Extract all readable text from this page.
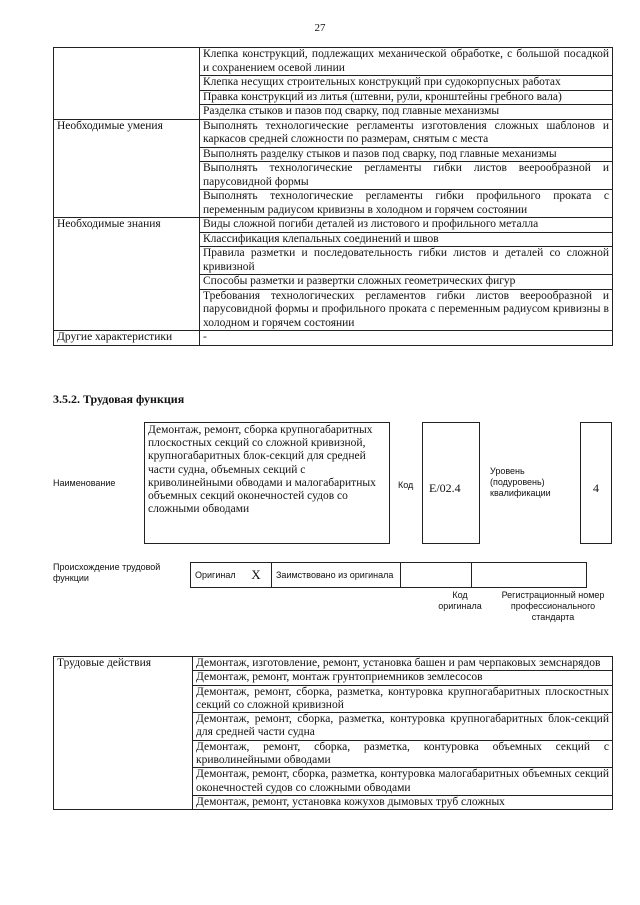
27
	Клепка конструкций, подлежащих механической обработке, с большой посадкой и сохранением осевой линии
	Клепка несущих строительных конструкций при судокорпусных работах
	Правка конструкций из литья (штевни, рули, кронштейны гребного вала)
	Разделка стыков и пазов под сварку, под главные механизмы
Необходимые умения	Выполнять технологические регламенты изготовления сложных шаблонов и каркасов средней сложности по размерам, снятым с места
	Выполнять разделку стыков и пазов под сварку, под главные механизмы
	Выполнять технологические регламенты гибки листов веерообразной и парусовидной формы
	Выполнять технологические регламенты гибки профильного проката с переменным радиусом кривизны в холодном и горячем состоянии
Необходимые знания	Виды сложной погиби деталей из листового и профильного металла
	Классификация клепальных соединений и швов
	Правила разметки и последовательность гибки листов и деталей со сложной кривизной
	Способы разметки и развертки сложных геометрических фигур
	Требования технологических регламентов гибки листов веерообразной и парусовидной формы и профильного проката с переменным радиусом кривизны в холодном и горячем состоянии
Другие характеристики	-
3.5.2. Трудовая функция
Наименование
Демонтаж, ремонт, сборка крупногабаритных плоскостных секций со сложной кривизной, крупногабаритных блок-секций для средней части судна, объемных секций с криволинейными обводами и малогабаритных объемных секций оконечностей судов со сложными обводами
Код	E/02.4
Уровень (подуровень) квалификации	4
Происхождение трудовой функции	Оригинал	X	Заимствовано из оригинала		
Код оригинала
Регистрационный номер профессионального стандарта
Трудовые действия	Демонтаж, изготовление, ремонт, установка башен и рам черпаковых земснарядов
Демонтаж, ремонт, монтаж грунтоприемников землесосов
Демонтаж, ремонт, сборка, разметка, контуровка крупногабаритных плоскостных секций со сложной кривизной
Демонтаж, ремонт, сборка, разметка, контуровка крупногабаритных блок-секций для средней части судна
Демонтаж, ремонт, сборка, разметка, контуровка объемных секций с криволинейными обводами
Демонтаж, ремонт, сборка, разметка, контуровка малогабаритных объемных секций оконечностей судов со сложными обводами
Демонтаж, ремонт, установка кожухов дымовых труб сложных
